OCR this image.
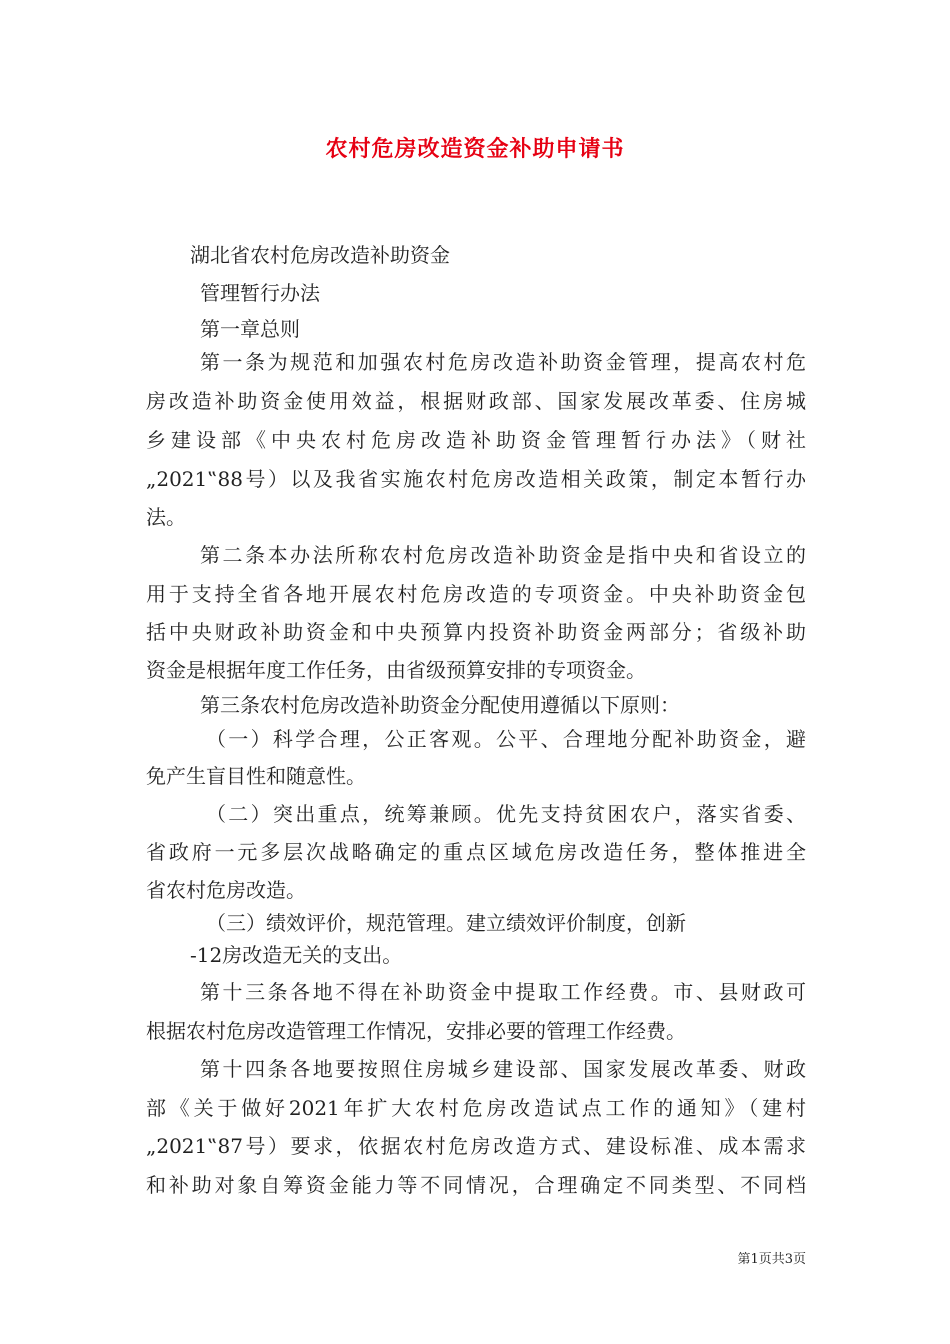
农村危房改造资金补助申请书
湖北省农村危房改造补助资金
管理暂行办法
第一章总则
第一条为规范和加强农村危房改造补助资金管理，提高农村危
房改造补助资金使用效益，根据财政部、国家发展改革委、住房城
乡建设部《中央农村危房改造补助资金管理暂行办法》（财社
„2021‟88号）以及我省实施农村危房改造相关政策，制定本暂行办
法。
第二条本办法所称农村危房改造补助资金是指中央和省设立的
用于支持全省各地开展农村危房改造的专项资金。中央补助资金包
括中央财政补助资金和中央预算内投资补助资金两部分；省级补助
资金是根据年度工作任务，由省级预算安排的专项资金。
第三条农村危房改造补助资金分配使用遵循以下原则：
（一）科学合理，公正客观。公平、合理地分配补助资金，避
免产生盲目性和随意性。
（二）突出重点，统筹兼顾。优先支持贫困农户，落实省委、
省政府一元多层次战略确定的重点区域危房改造任务，整体推进全
省农村危房改造。
（三）绩效评价，规范管理。建立绩效评价制度，创新
-12房改造无关的支出。
第十三条各地不得在补助资金中提取工作经费。市、县财政可
根据农村危房改造管理工作情况，安排必要的管理工作经费。
第十四条各地要按照住房城乡建设部、国家发展改革委、财政
部《关于做好2021年扩大农村危房改造试点工作的通知》（建村
„2021‟87号）要求，依据农村危房改造方式、建设标准、成本需求
和补助对象自筹资金能力等不同情况，合理确定不同类型、不同档
第1页共3页
